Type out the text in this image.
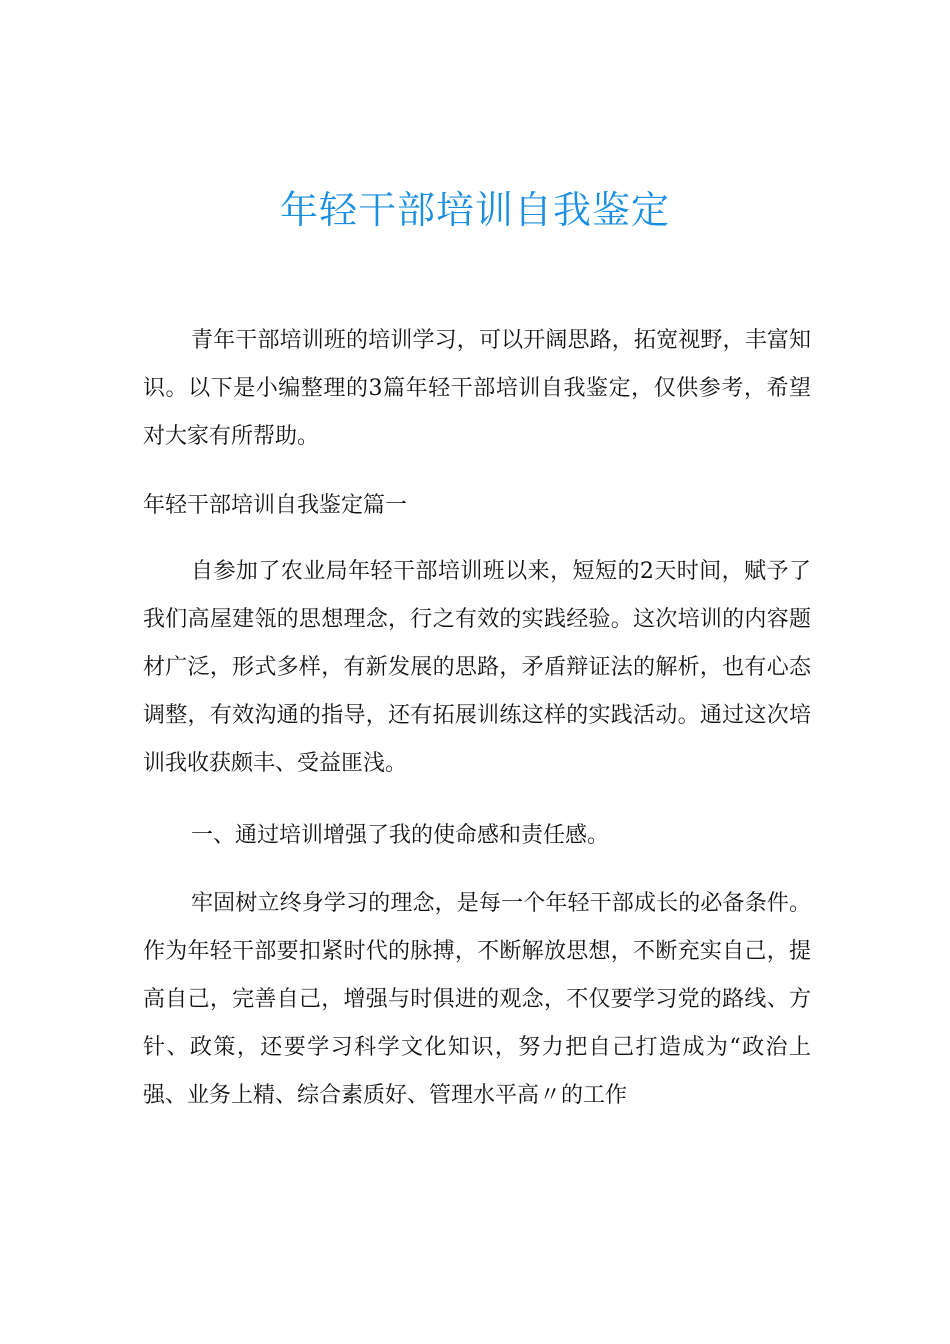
年轻干部培训自我鉴定

青年干部培训班的培训学习，可以开阔思路，拓宽视野，丰富知识。以下是小编整理的3篇年轻干部培训自我鉴定，仅供参考，希望对大家有所帮助。

年轻干部培训自我鉴定篇一

自参加了农业局年轻干部培训班以来，短短的2天时间，赋予了我们高屋建瓴的思想理念，行之有效的实践经验。这次培训的内容题材广泛，形式多样，有新发展的思路，矛盾辩证法的解析，也有心态调整，有效沟通的指导，还有拓展训练这样的实践活动。通过这次培训我收获颇丰、受益匪浅。

一、通过培训增强了我的使命感和责任感。

牢固树立终身学习的理念，是每一个年轻干部成长的必备条件。作为年轻干部要扣紧时代的脉搏，不断解放思想，不断充实自己，提高自己，完善自己，增强与时俱进的观念，不仅要学习党的路线、方针、政策，还要学习科学文化知识，努力把自己打造成为“政治上强、业务上精、综合素质好、管理水平高〃的工作
